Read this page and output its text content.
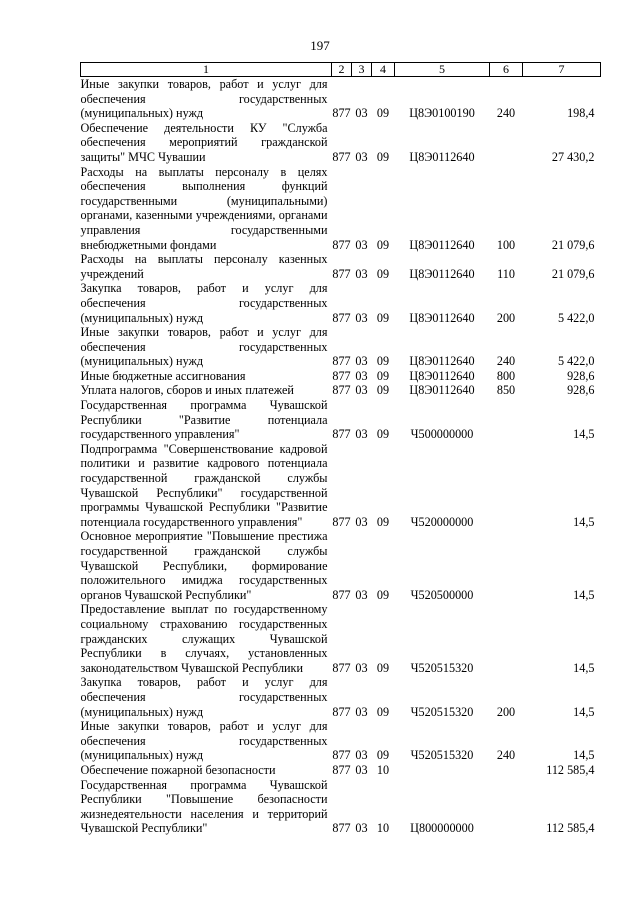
197
1	2	3	4	5	6	7
Иные закупки товаров, работ и услуг для обеспечения государственных (муниципальных) нужд	877	03	09	Ц8Э0100190	240	198,4
Обеспечение деятельности КУ "Служба обеспечения мероприятий гражданской защиты" МЧС Чувашии	877	03	09	Ц8Э0112640		27 430,2
Расходы на выплаты персоналу в целях обеспечения выполнения функций государственными (муниципальными) органами, казенными учреждениями, органами управления государственными внебюджетными фондами	877	03	09	Ц8Э0112640	100	21 079,6
Расходы на выплаты персоналу казенных учреждений	877	03	09	Ц8Э0112640	110	21 079,6
Закупка товаров, работ и услуг для обеспечения государственных (муниципальных) нужд	877	03	09	Ц8Э0112640	200	5 422,0
Иные закупки товаров, работ и услуг для обеспечения государственных (муниципальных) нужд	877	03	09	Ц8Э0112640	240	5 422,0
Иные бюджетные ассигнования	877	03	09	Ц8Э0112640	800	928,6
Уплата налогов, сборов и иных платежей	877	03	09	Ц8Э0112640	850	928,6
Государственная программа Чувашской Республики "Развитие потенциала государственного управления"	877	03	09	Ч500000000		14,5
Подпрограмма "Совершенствование кадровой политики и развитие кадрового потенциала государственной гражданской службы Чувашской Республики" государственной программы Чувашской Республики "Развитие потенциала государственного управления"	877	03	09	Ч520000000		14,5
Основное мероприятие "Повышение престижа государственной гражданской службы Чувашской Республики, формирование положительного имиджа государственных органов Чувашской Республики"	877	03	09	Ч520500000		14,5
Предоставление выплат по государственному социальному страхованию государственных гражданских служащих Чувашской Республики в случаях, установленных законодательством Чувашской Республики	877	03	09	Ч520515320		14,5
Закупка товаров, работ и услуг для обеспечения государственных (муниципальных) нужд	877	03	09	Ч520515320	200	14,5
Иные закупки товаров, работ и услуг для обеспечения государственных (муниципальных) нужд	877	03	09	Ч520515320	240	14,5
Обеспечение пожарной безопасности	877	03	10			112 585,4
Государственная программа Чувашской Республики "Повышение безопасности жизнедеятельности населения и территорий Чувашской Республики"	877	03	10	Ц800000000		112 585,4
